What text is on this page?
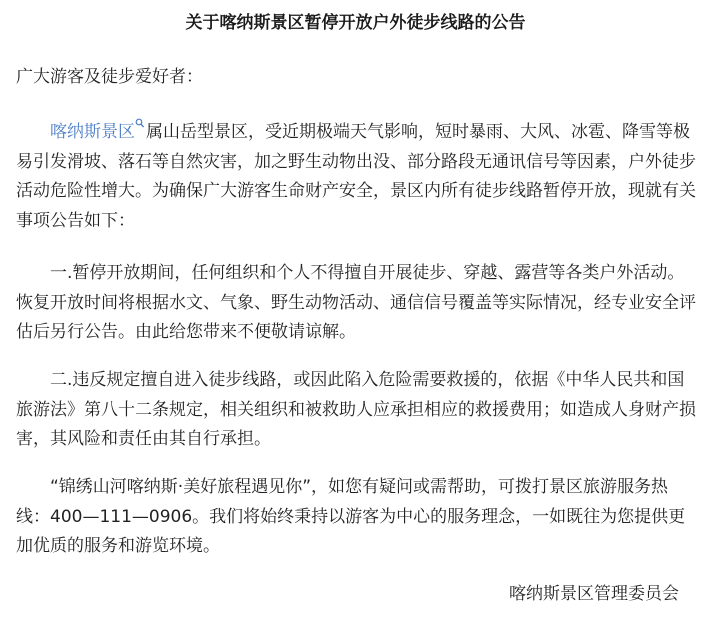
关于喀纳斯景区暂停开放户外徒步线路的公告
广大游客及徒步爱好者：

喀纳斯景区 属山岳型景区，受近期极端天气影响，短时暴雨、大风、冰雹、降雪等极易引发滑坡、落石等自然灾害，加之野生动物出没、部分路段无通讯信号等因素，户外徒步活动危险性增大。为确保广大游客生命财产安全，景区内所有徒步线路暂停开放，现就有关事项公告如下：

一.暂停开放期间，任何组织和个人不得擅自开展徒步、穿越、露营等各类户外活动。恢复开放时间将根据水文、气象、野生动物活动、通信信号覆盖等实际情况，经专业安全评估后另行公告。由此给您带来不便敬请谅解。

二.违反规定擅自进入徒步线路，或因此陷入危险需要救援的，依据《中华人民共和国旅游法》第八十二条规定，相关组织和被救助人应承担相应的救援费用；如造成人身财产损害，其风险和责任由其自行承担。

“锦绣山河喀纳斯·美好旅程遇见你”，如您有疑问或需帮助，可拨打景区旅游服务热线：400—111—0906。我们将始终秉持以游客为中心的服务理念，一如既往为您提供更加优质的服务和游览环境。

喀纳斯景区管理委员会
